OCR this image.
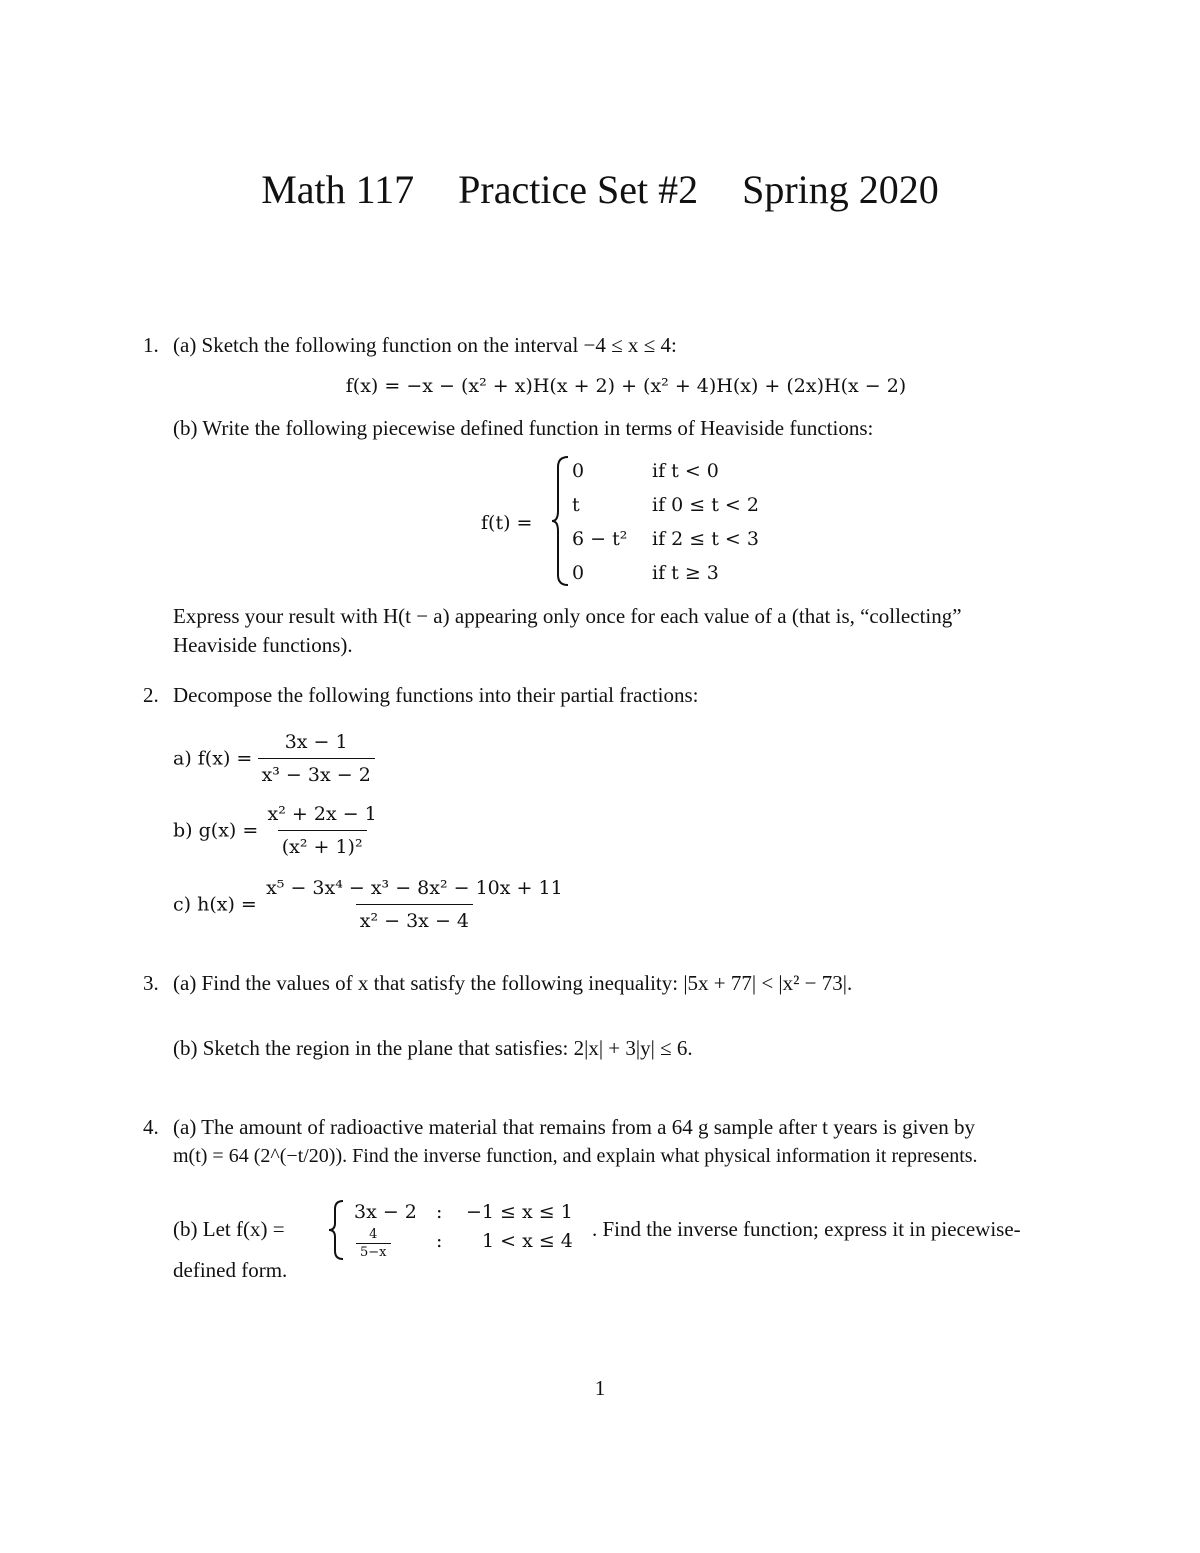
Math 117 Practice Set #2 Spring 2020
1. (a) Sketch the following function on the interval −4 ≤ x ≤ 4:
f(x) = −x − (x² + x)H(x + 2) + (x² + 4)H(x) + (2x)H(x − 2)
(b) Write the following piecewise defined function in terms of Heaviside functions:
f(t) =
0	if t < 0
t	if 0 ≤ t < 2
6 − t² if 2 ≤ t < 3
0	if t ≥ 3
Express your result with H(t − a) appearing only once for each value of a (that is, “collecting”
Heaviside functions).
2. Decompose the following functions into their partial fractions:
a) $f(x) = \frac{3x - 1}{\text{x³ − 3x − 2}}$
b) $g(x) = \frac{\text{x² + 2x − 1}}{\text{(x² + 1)²}}$
c) $h(x) = \frac{\text{x⁵ − 3x⁴ − x³ − 8x² − 10x + 11}}{\text{x² − 3x − 4}}$
3. (a) Find the values of x that satisfy the following inequality: |5x + 77| < |x² − 73|.
(b) Sketch the region in the plane that satisfies: 2|x| + 3|y| ≤ 6.
4. (a) The amount of radioactive material that remains from a 64 g sample after t years is given by
m(t) = 64 (2^(−t/20)). Find the inverse function, and explain what physical information it represents.
(b) Let f(x) =
3x − 2 : −1 ≤ x ≤ 1
$\frac{4}{5-x}$ : 1 < x ≤ 4 . Find the inverse function; express it in piecewise-
defined form.
1
